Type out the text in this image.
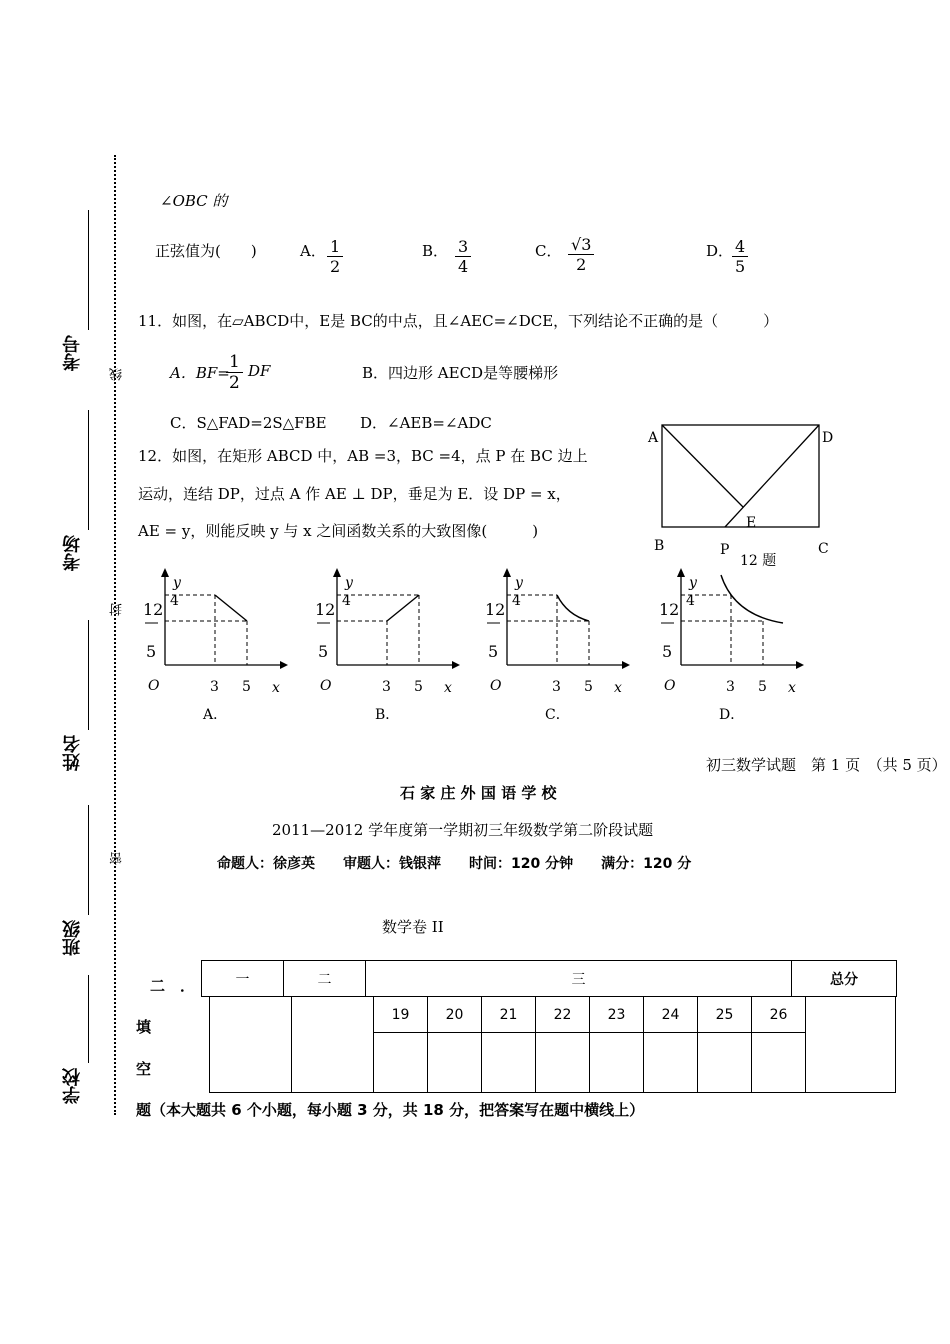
考号
考场
姓名
班级
学校
线
封
密
∠OBC 的
正弦值为(　　)	A． $\frac{1}{2}$	B． $\frac{3}{4}$	C． $\frac{√3}{2}$	D．
$\frac{4}{5}$
11．如图，在▱ABCD中，E是 BC的中点，且∠AEC=∠DCE，下列结论不正确的是（　　　）
A．BF=
$\frac{1}{2}$ DF	B．四边形 AECD是等腰梯形
C．S△FAD=2S△FBE D．∠AEB=∠ADC
12．如图，在矩形 ABCD 中，AB =3，BC =4，点 P 在 BC 边上
运动，连结 DP，过点 A 作 AE ⊥ DP，垂足为 E．设 DP = x，
AE = y，则能反映 y 与 x 之间函数关系的大致图像(　　　)
A	D
B	C
E
P
12 题
y
x
O
4
12
5
3 5
A．
y
x
O
4
12
5
3 5
B．
y
x
O
4
12
5
3 5
C．
y
x
O
4
12
5
3 5
D．
初三数学试题　第 1 页　（共 5 页）
石 家 庄 外 国 语 学 校
2011—2012 学年度第一学期初三年级数学第二阶段试题
命题人：徐彦英　　审题人：钱银萍　　时间：120 分钟　　满分：120 分
数学卷 II
二　．	一	二	三	总分
		19	20	21	22	23	24	25	26	

填
空
题（本大题共 6 个小题，每小题 3 分，共 18 分，把答案写在题中横线上）
